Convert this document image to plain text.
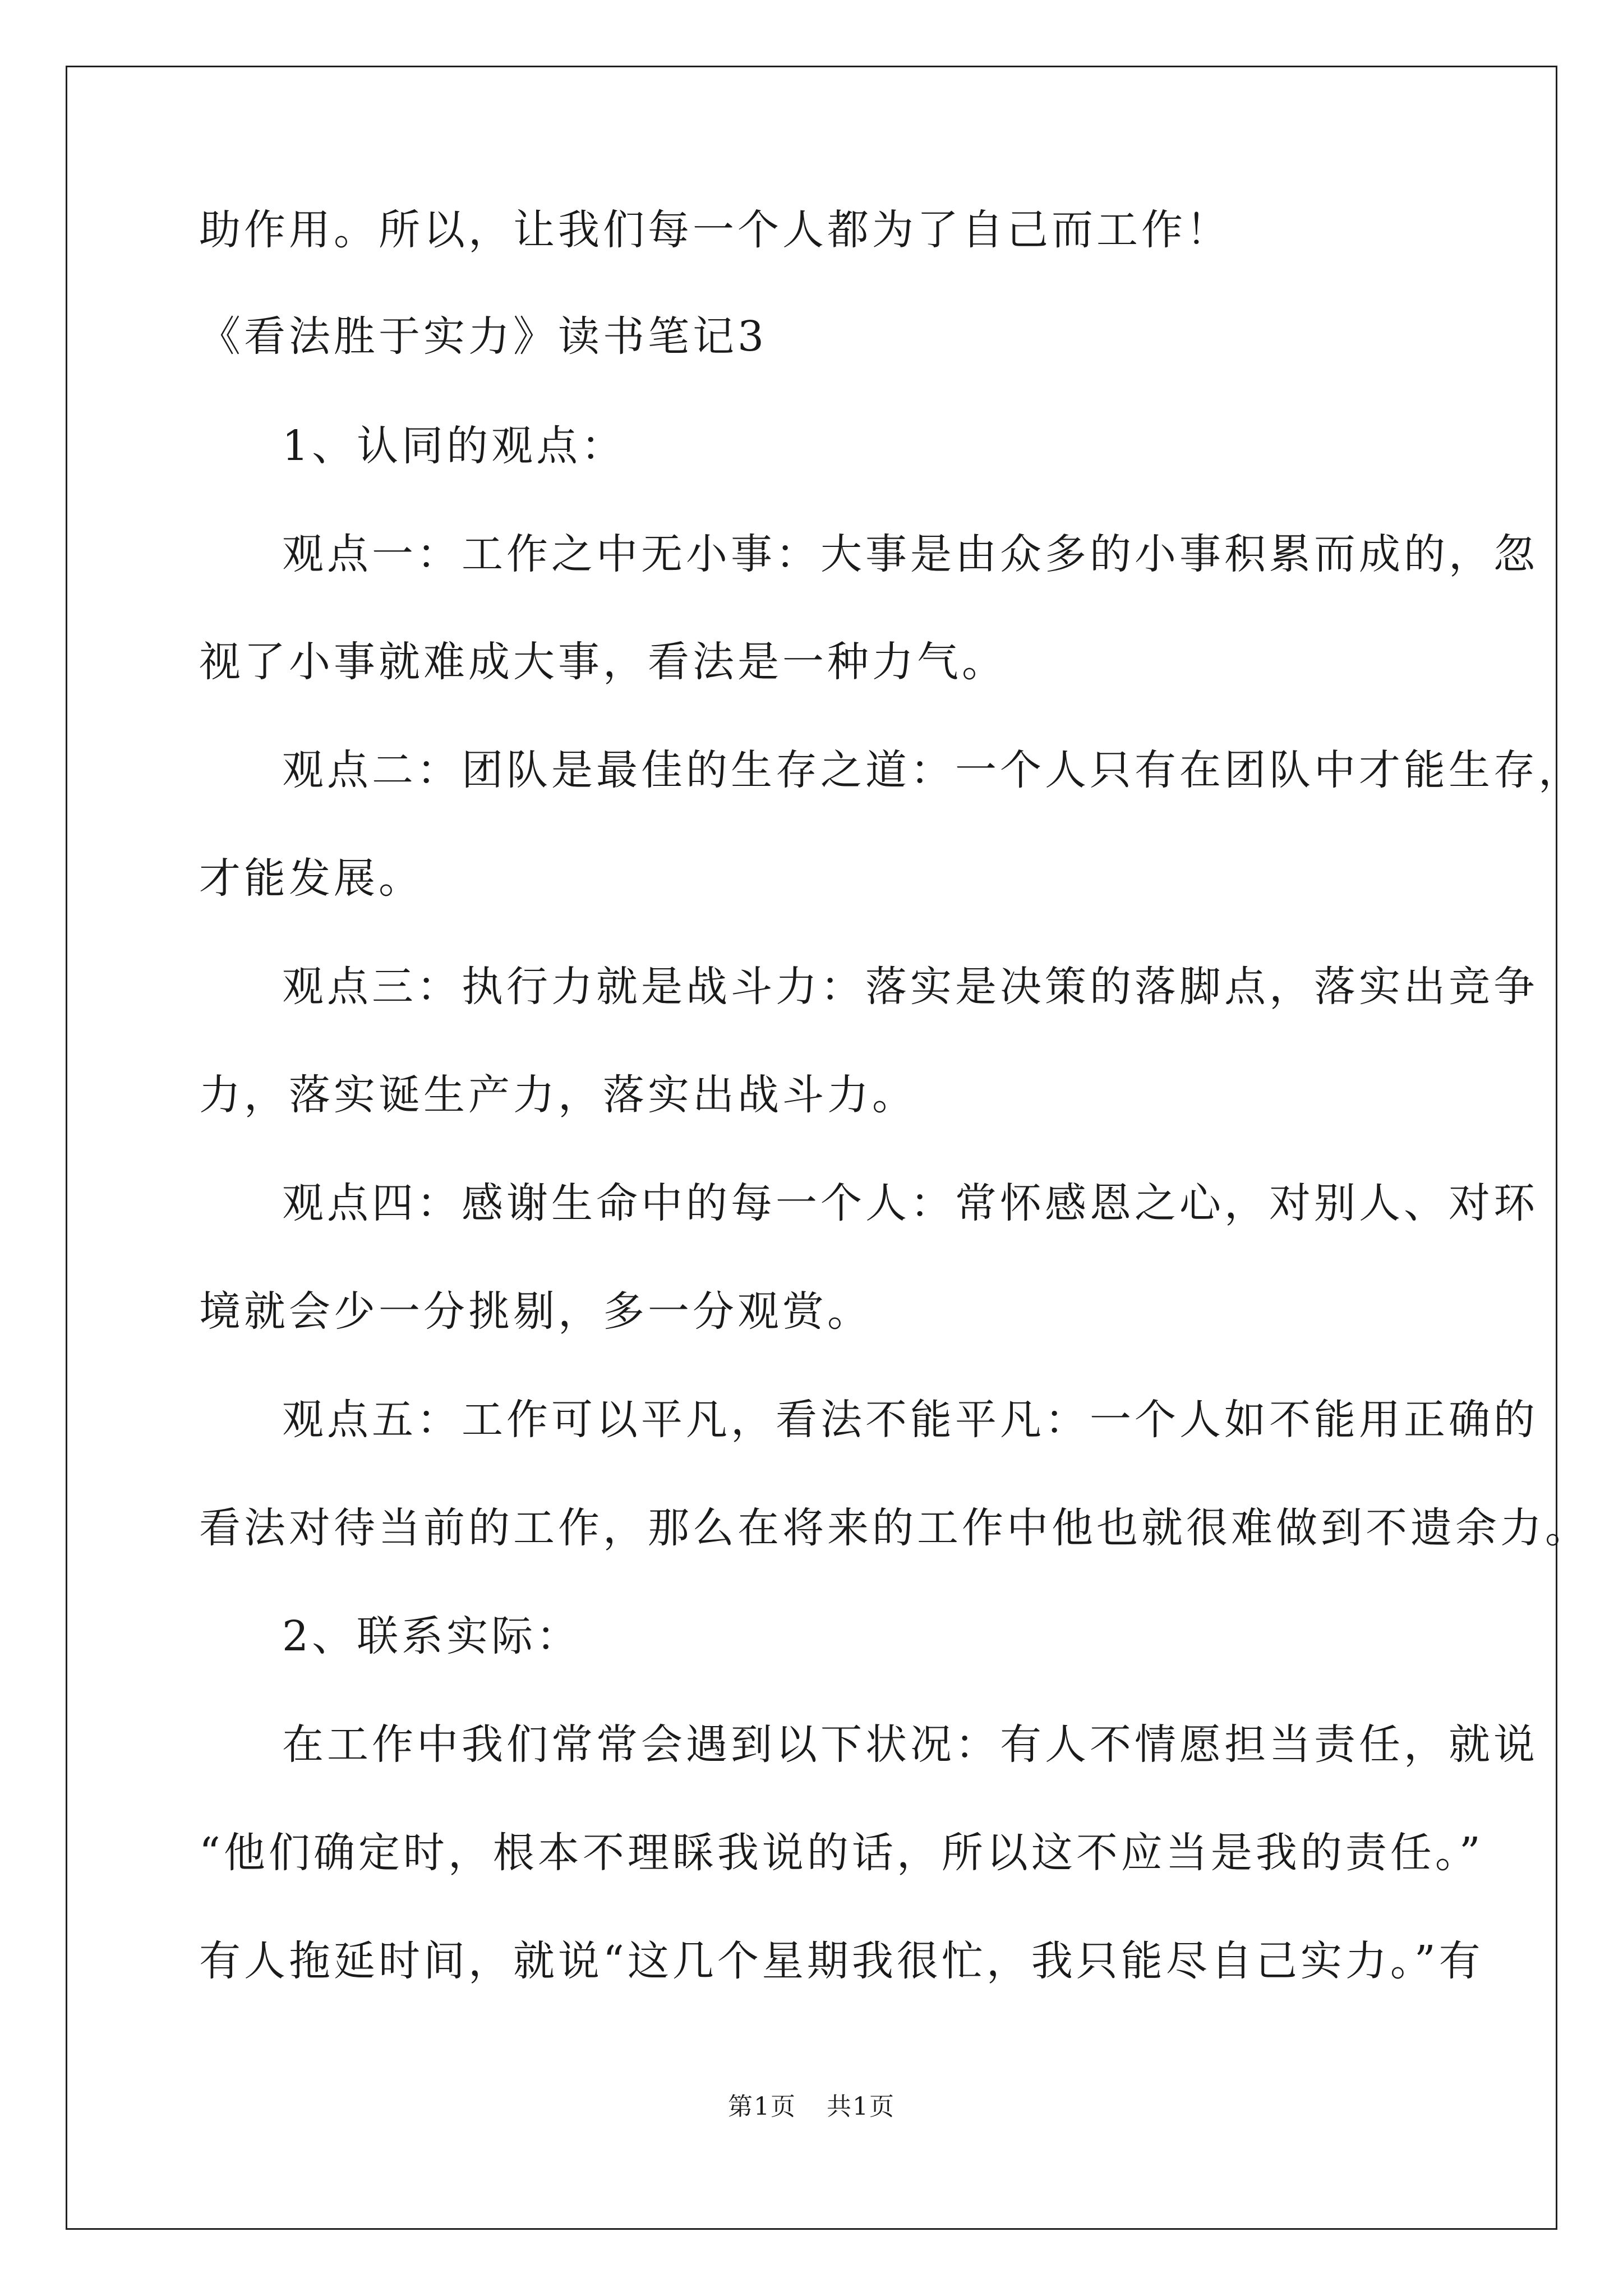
助作用。所以，让我们每一个人都为了自己而工作！
《看法胜于实力》读书笔记3
1、认同的观点：
观点一：工作之中无小事：大事是由众多的小事积累而成的，忽
视了小事就难成大事，看法是一种力气。
观点二：团队是最佳的生存之道：一个人只有在团队中才能生存，
才能发展。
观点三：执行力就是战斗力：落实是决策的落脚点，落实出竞争
力，落实诞生产力，落实出战斗力。
观点四：感谢生命中的每一个人：常怀感恩之心，对别人、对环
境就会少一分挑剔，多一分观赏。
观点五：工作可以平凡，看法不能平凡：一个人如不能用正确的
看法对待当前的工作，那么在将来的工作中他也就很难做到不遗余力。
2、联系实际：
在工作中我们常常会遇到以下状况：有人不情愿担当责任，就说
“他们确定时，根本不理睬我说的话，所以这不应当是我的责任。”
有人拖延时间，就说“这几个星期我很忙，我只能尽自己实力。”有
第1页 共1页
